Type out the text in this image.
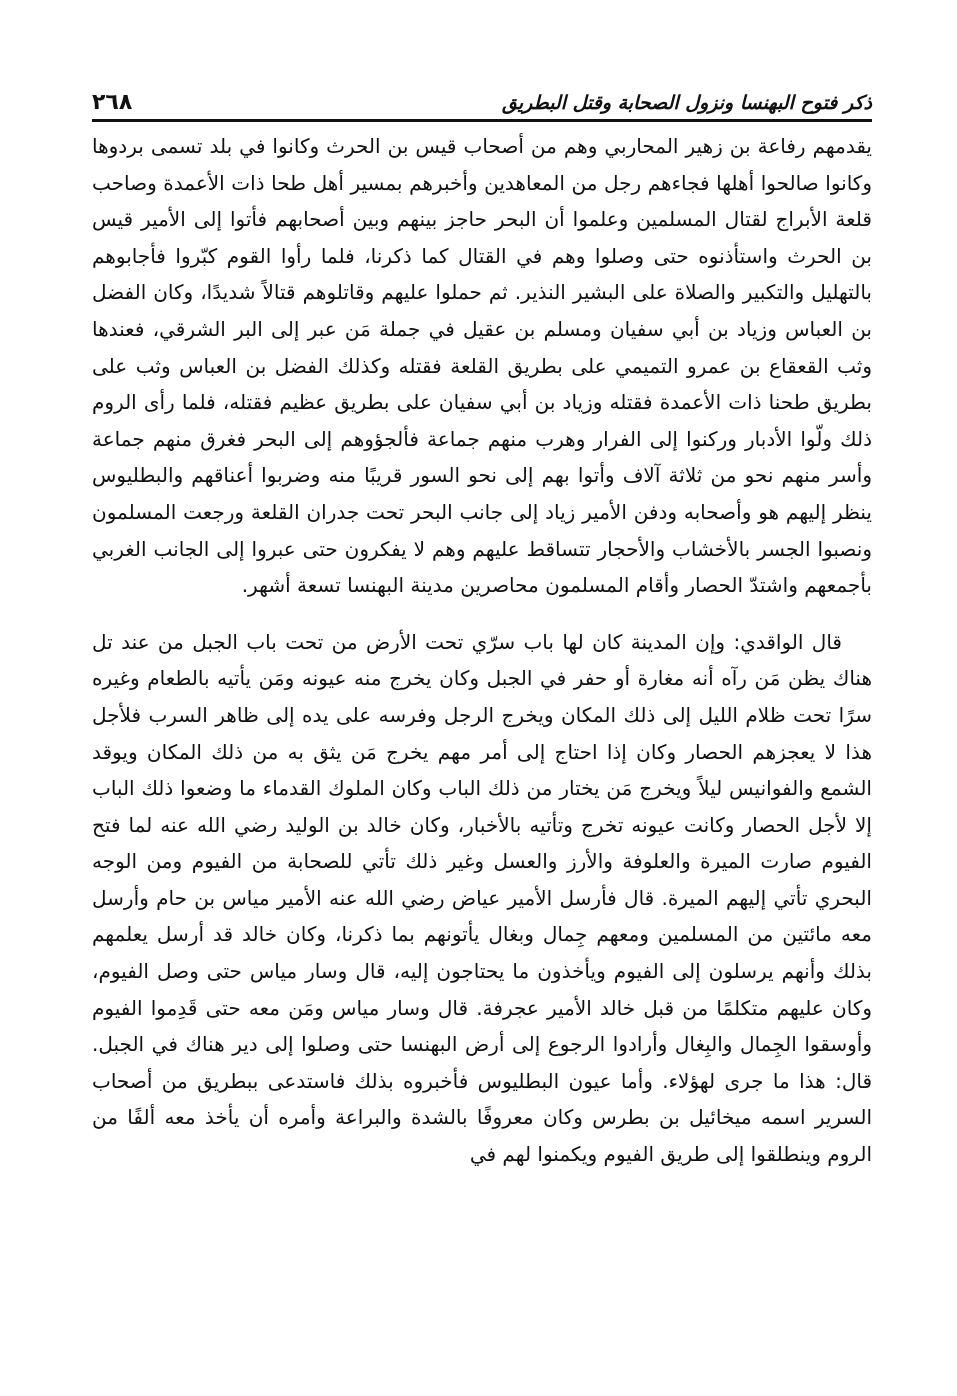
ذكر فتوح البهنسا ونزول الصحابة وقتل البطريق
٢٦٨

يقدمهم رفاعة بن زهير المحاربي وهم من أصحاب قيس بن الحرث وكانوا في بلد تسمى بردوها وكانوا صالحوا أهلها فجاءهم رجل من المعاهدين وأخبرهم بمسير أهل طحا ذات الأعمدة وصاحب قلعة الأبراج لقتال المسلمين وعلموا أن البحر حاجز بينهم وبين أصحابهم فأتوا إلى الأمير قيس بن الحرث واستأذنوه حتى وصلوا وهم في القتال كما ذكرنا، فلما رأوا القوم كبّروا فأجابوهم بالتهليل والتكبير والصلاة على البشير النذير. ثم حملوا عليهم وقاتلوهم قتالاً شديدًا، وكان الفضل بن العباس وزياد بن أبي سفيان ومسلم بن عقيل في جملة مَن عبر إلى البر الشرقي، فعندها وثب القعقاع بن عمرو التميمي على بطريق القلعة فقتله وكذلك الفضل بن العباس وثب على بطريق طحنا ذات الأعمدة فقتله وزياد بن أبي سفيان على بطريق عظيم فقتله، فلما رأى الروم ذلك ولّوا الأدبار وركنوا إلى الفرار وهرب منهم جماعة فألجؤوهم إلى البحر فغرق منهم جماعة وأسر منهم نحو من ثلاثة آلاف وأتوا بهم إلى نحو السور قريبًا منه وضربوا أعناقهم والبطليوس ينظر إليهم هو وأصحابه ودفن الأمير زياد إلى جانب البحر تحت جدران القلعة ورجعت المسلمون ونصبوا الجسر بالأخشاب والأحجار تتساقط عليهم وهم لا يفكرون حتى عبروا إلى الجانب الغربي بأجمعهم واشتدّ الحصار وأقام المسلمون محاصرين مدينة البهنسا تسعة أشهر.

قال الواقدي: وإن المدينة كان لها باب سرّي تحت الأرض من تحت باب الجبل من عند تل هناك يظن مَن رآه أنه مغارة أو حفر في الجبل وكان يخرج منه عيونه ومَن يأتيه بالطعام وغيره سرًا تحت ظلام الليل إلى ذلك المكان ويخرج الرجل وفرسه على يده إلى ظاهر السرب فلأجل هذا لا يعجزهم الحصار وكان إذا احتاج إلى أمر مهم يخرج مَن يثق به من ذلك المكان ويوقد الشمع والفوانيس ليلاً ويخرج مَن يختار من ذلك الباب وكان الملوك القدماء ما وضعوا ذلك الباب إلا لأجل الحصار وكانت عيونه تخرج وتأتيه بالأخبار، وكان خالد بن الوليد رضي الله عنه لما فتح الفيوم صارت الميرة والعلوفة والأرز والعسل وغير ذلك تأتي للصحابة من الفيوم ومن الوجه البحري تأتي إليهم الميرة. قال فأرسل الأمير عياض رضي الله عنه الأمير مياس بن حام وأرسل معه مائتين من المسلمين ومعهم جِمال وبغال يأتونهم بما ذكرنا، وكان خالد قد أرسل يعلمهم بذلك وأنهم يرسلون إلى الفيوم ويأخذون ما يحتاجون إليه، قال وسار مياس حتى وصل الفيوم، وكان عليهم متكلمًا من قبل خالد الأمير عجرفة. قال وسار مياس ومَن معه حتى قَدِموا الفيوم وأوسقوا الجِمال والبِغال وأرادوا الرجوع إلى أرض البهنسا حتى وصلوا إلى دير هناك في الجبل. قال: هذا ما جرى لهؤلاء. وأما عيون البطليوس فأخبروه بذلك فاستدعى ببطريق من أصحاب السرير اسمه ميخائيل بن بطرس وكان معروفًا بالشدة والبراعة وأمره أن يأخذ معه ألفًا من الروم وينطلقوا إلى طريق الفيوم ويكمنوا لهم في
